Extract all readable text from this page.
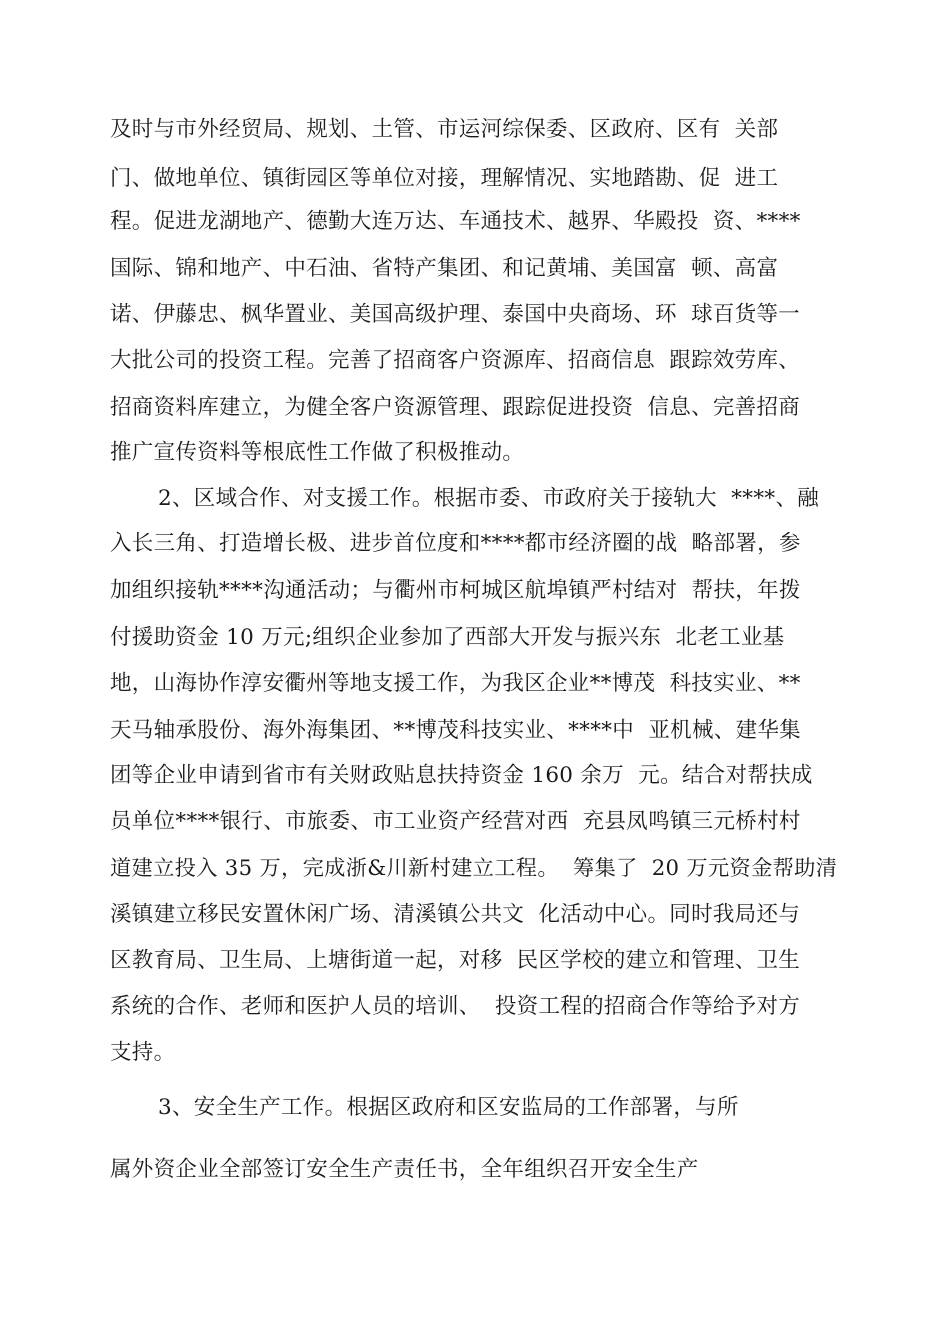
及时与市外经贸局、规划、土管、市运河综保委、区政府、区有  关部

门、做地单位、镇街园区等单位对接，理解情况、实地踏勘、促  进工

程。促进龙湖地产、德勤大连万达、车通技术、越界、华殿投  资、****

国际、锦和地产、中石油、省特产集团、和记黄埔、美国富  顿、高富

诺、伊藤忠、枫华置业、美国高级护理、泰国中央商场、环  球百货等一

大批公司的投资工程。完善了招商客户资源库、招商信息  跟踪效劳库、

招商资料库建立，为健全客户资源管理、跟踪促进投资  信息、完善招商

推广宣传资料等根底性工作做了积极推动。

2、区域合作、对支援工作。根据市委、市政府关于接轨大  ****、融

入长三角、打造增长极、进步首位度和****都市经济圈的战  略部署，参

加组织接轨****沟通活动；与衢州市柯城区航埠镇严村结对  帮扶，年拨

付援助资金 10 万元;组织企业参加了西部大开发与振兴东  北老工业基

地，山海协作淳安衢州等地支援工作，为我区企业**博茂  科技实业、**

天马轴承股份、海外海集团、**博茂科技实业、****中  亚机械、建华集

团等企业申请到省市有关财政贴息扶持资金 160 余万  元。结合对帮扶成

员单位****银行、市旅委、市工业资产经营对西  充县凤鸣镇三元桥村村

道建立投入 35 万，完成浙&川新村建立工程。  筹集了  20 万元资金帮助清

溪镇建立移民安置休闲广场、清溪镇公共文  化活动中心。同时我局还与

区教育局、卫生局、上塘街道一起，对移  民区学校的建立和管理、卫生

系统的合作、老师和医护人员的培训、  投资工程的招商合作等给予对方

支持。

3、安全生产工作。根据区政府和区安监局的工作部署，与所

属外资企业全部签订安全生产责任书，全年组织召开安全生产
